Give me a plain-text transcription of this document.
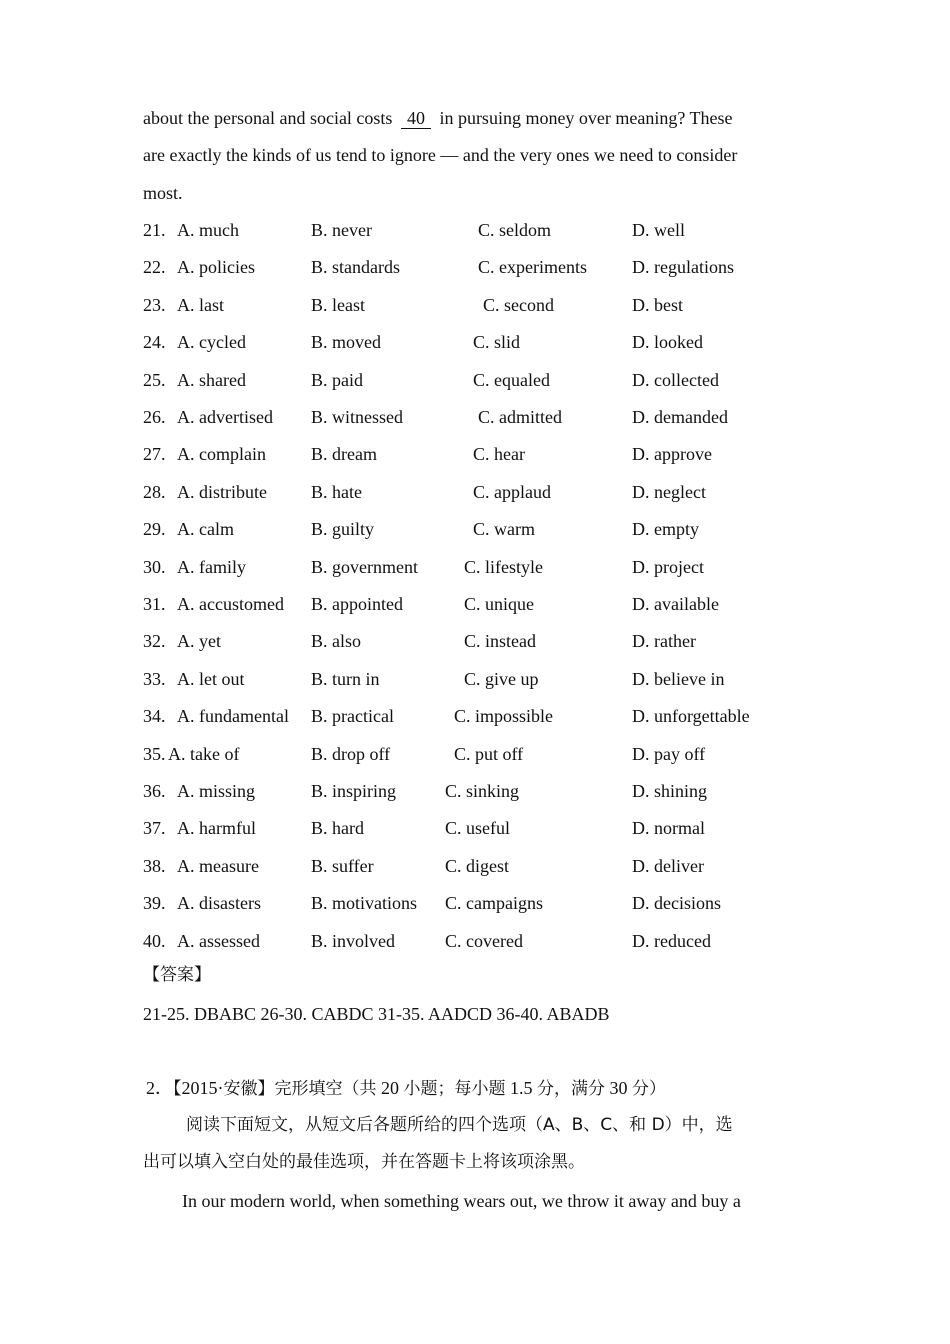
about the personal and social costs 40 in pursuing money over meaning? These
are exactly the kinds of us tend to ignore — and the very ones we need to consider
most.
21. A. much	B. never	C. seldom	D. well
22. A. policies	B. standards	C. experiments	D. regulations
23. A. last	B. least	C. second	D. best
24. A. cycled	B. moved	C. slid	D. looked
25. A. shared	B. paid	C. equaled	D. collected
26. A. advertised B. witnessed	C. admitted	D. demanded
27. A. complain	B. dream	C. hear	D. approve
28. A. distribute B. hate	C. applaud	D. neglect
29. A. calm	B. guilty	C. warm	D. empty
30. A. family	B. government	C. lifestyle	D. project
31. A. accustomed B. appointed	C. unique	D. available
32. A. yet	B. also	C. instead	D. rather
33. A. let out	B. turn in	C. give up	D. believe in
34. A. fundamental B. practical	C. impossible	D. unforgettable
35. A. take of	B. drop off	C. put off	D. pay off
36. A. missing	B. inspiring	C. sinking	D. shining
37. A. harmful	B. hard	C. useful	D. normal
38. A. measure	B. suffer	C. digest	D. deliver
39. A. disasters	B. motivations C. campaigns	D. decisions
40. A. assessed	B. involved	C. covered	D. reduced
【答案】
21-25. DBABC 26-30. CABDC 31-35. AADCD 36-40. ABADB
2．【2015·安徽】完形填空（共 20 小题；每小题 1.5 分，满分 30 分）
阅读下面短文，从短文后各题所给的四个选项（A、B、C、和 D）中，选
出可以填入空白处的最佳选项，并在答题卡上将该项涂黑。
In our modern world, when something wears out, we throw it away and buy a
